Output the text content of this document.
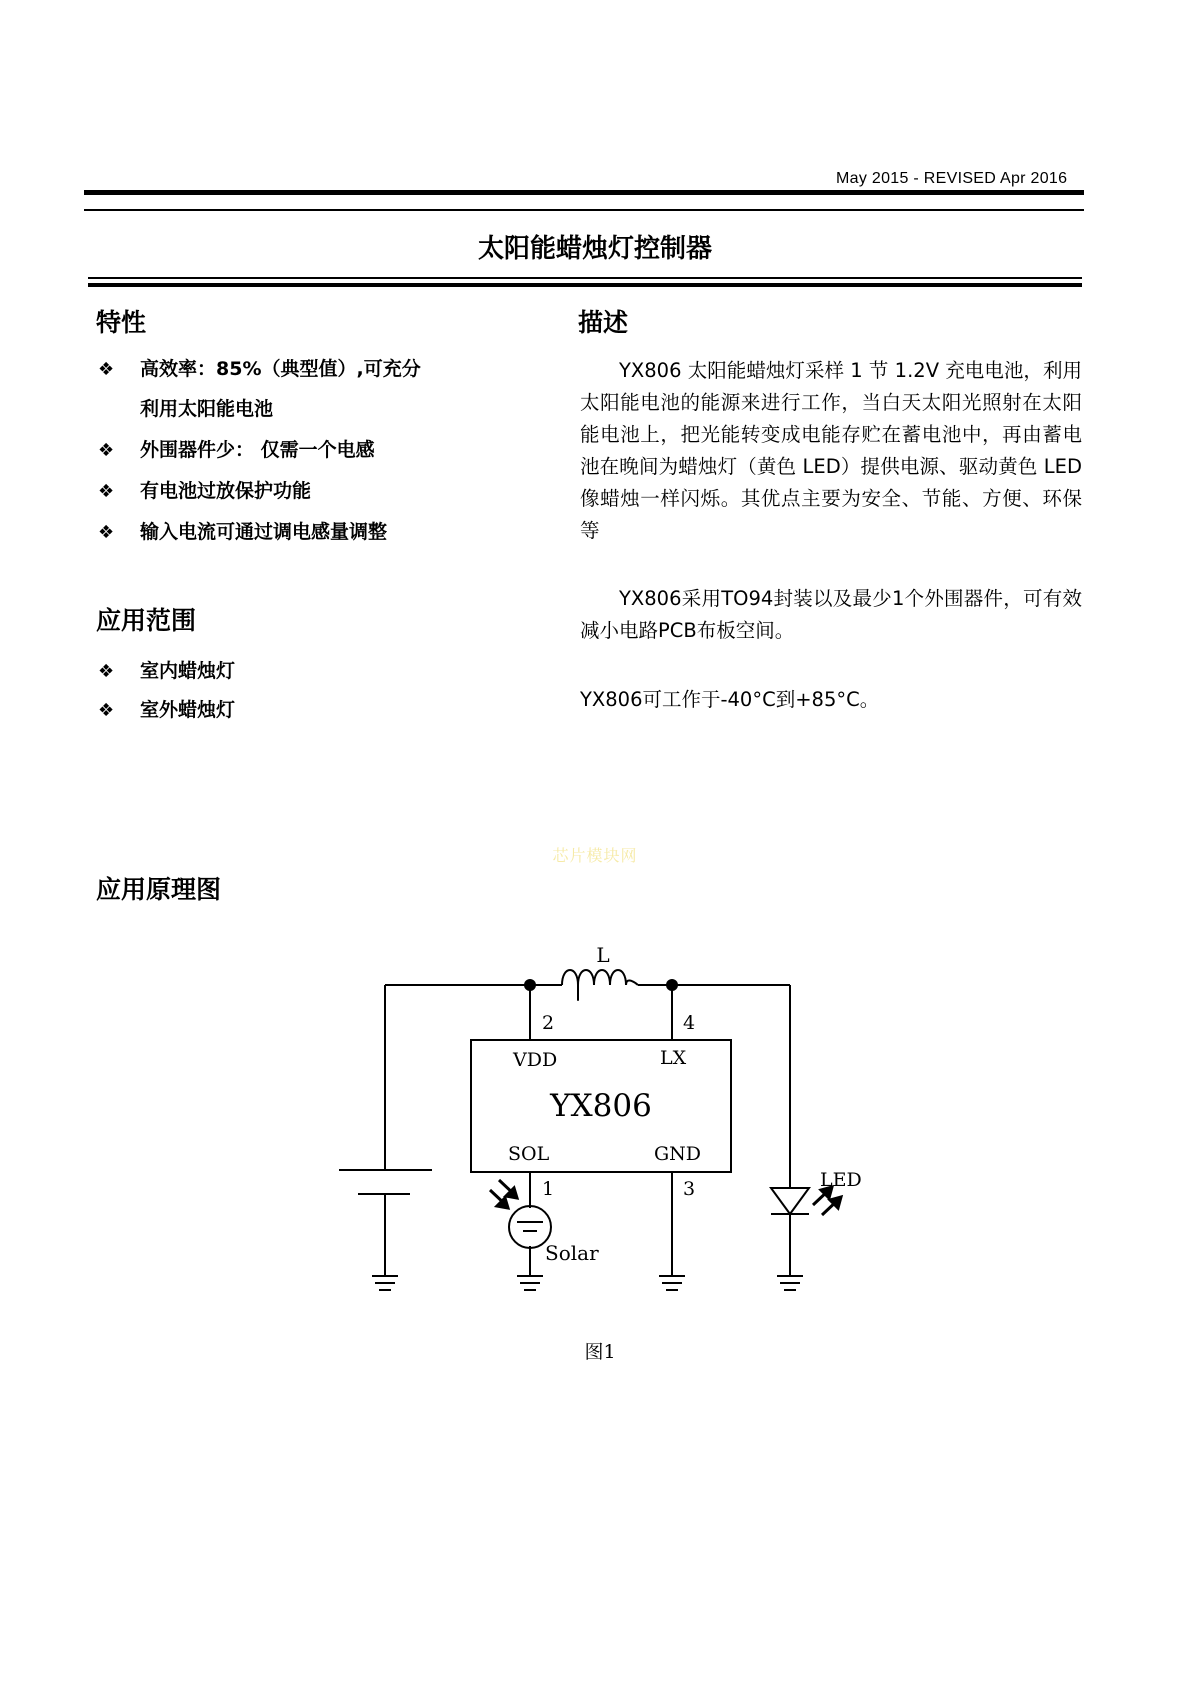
May 2015 - REVISED Apr 2016
太阳能蜡烛灯控制器
特性
❖ 高效率：85%（典型值）,可充分
利用太阳能电池
❖ 外围器件少： 仅需一个电感
❖ 有电池过放保护功能
❖ 输入电流可通过调电感量调整
应用范围
❖ 室内蜡烛灯
❖ 室外蜡烛灯
描述

YX806 太阳能蜡烛灯采样 1 节 1.2V 充电电池，利用太阳能电池的能源来进行工作，当白天太阳光照射在太阳能电池上，把光能转变成电能存贮在蓄电池中，再由蓄电池在晚间为蜡烛灯（黄色 LED）提供电源、驱动黄色 LED 像蜡烛一样闪烁。其优点主要为安全、节能、方便、环保等

YX806采用TO94封装以及最少1个外围器件，可有效减小电路PCB布板空间。

YX806可工作于-40°C到+85°C。

芯片模块网
应用原理图
L
2	4
VDD	LX
YX806
SOL	GND
1	3
Solar
LED
图1
